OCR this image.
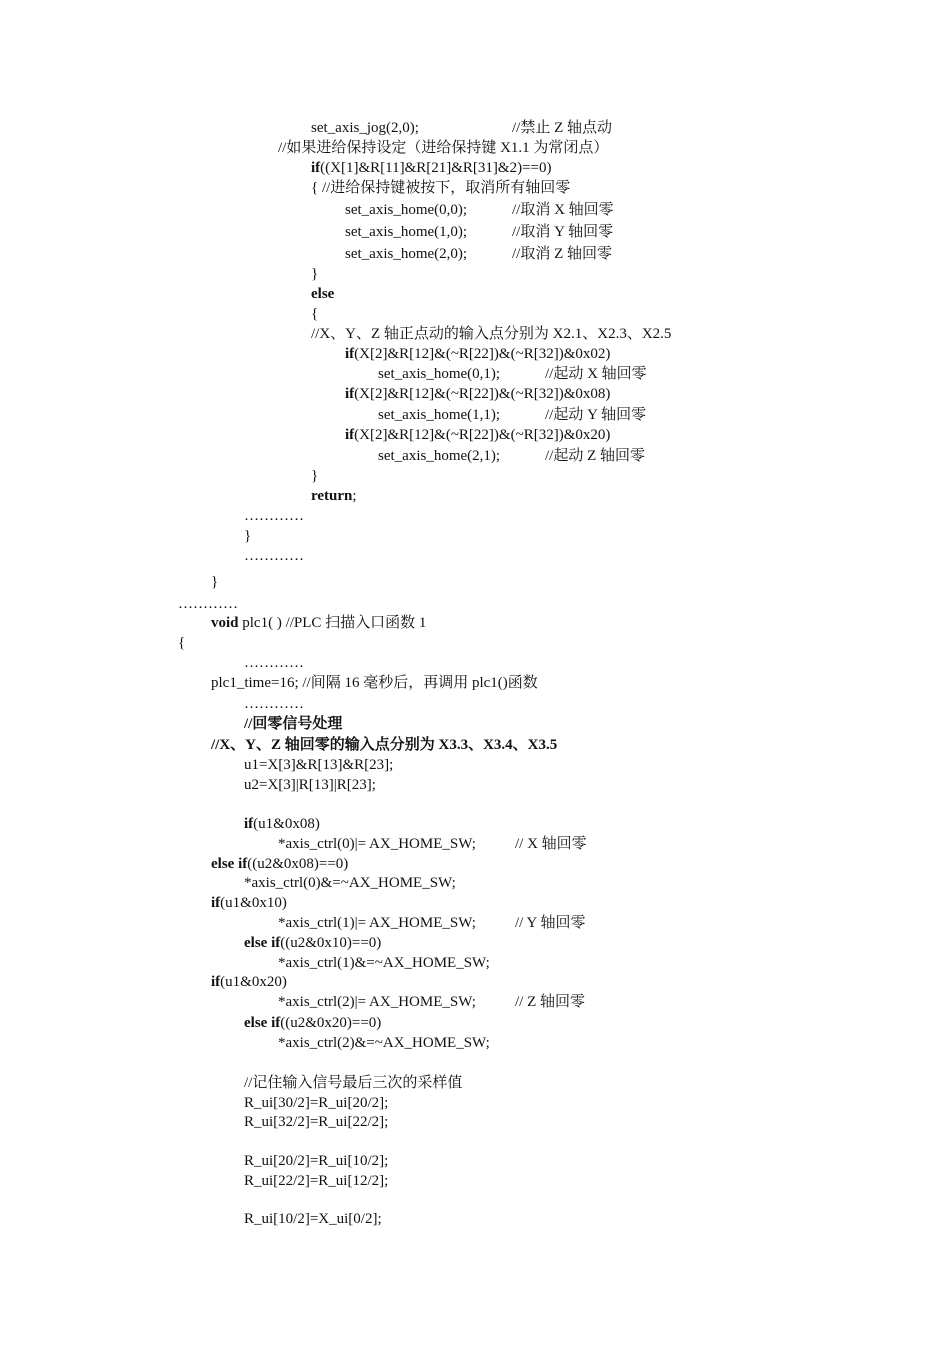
set_axis_jog(2,0);	//禁止 Z 轴点动
//如果进给保持设定（进给保持键 X1.1 为常闭点）
if((X[1]&R[11]&R[21]&R[31]&2)==0)
{ //进给保持键被按下，取消所有轴回零
set_axis_home(0,0);	//取消 X 轴回零
set_axis_home(1,0);	//取消 Y 轴回零
set_axis_home(2,0);	//取消 Z 轴回零
}
else
{
//X、Y、Z 轴正点动的输入点分别为 X2.1、X2.3、X2.5
if(X[2]&R[12]&(~R[22])&(~R[32])&0x02)
set_axis_home(0,1);	//起动 X 轴回零
if(X[2]&R[12]&(~R[22])&(~R[32])&0x08)
set_axis_home(1,1);	//起动 Y 轴回零
if(X[2]&R[12]&(~R[22])&(~R[32])&0x20)
set_axis_home(2,1);	//起动 Z 轴回零
}
return;
…………
}
…………
}
…………
void plc1( ) //PLC 扫描入口函数 1
{
…………
plc1_time=16; //间隔 16 毫秒后，再调用 plc1()函数
…………
//回零信号处理
//X、Y、Z 轴回零的输入点分别为 X3.3、X3.4、X3.5
u1=X[3]&R[13]&R[23];
u2=X[3]|R[13]|R[23];
if(u1&0x08)
*axis_ctrl(0)|= AX_HOME_SW;	// X 轴回零
else if((u2&0x08)==0)
*axis_ctrl(0)&=~AX_HOME_SW;
if(u1&0x10)
*axis_ctrl(1)|= AX_HOME_SW;	// Y 轴回零
else if((u2&0x10)==0)
*axis_ctrl(1)&=~AX_HOME_SW;
if(u1&0x20)
*axis_ctrl(2)|= AX_HOME_SW;	// Z 轴回零
else if((u2&0x20)==0)
*axis_ctrl(2)&=~AX_HOME_SW;
//记住输入信号最后三次的采样值
R_ui[30/2]=R_ui[20/2];
R_ui[32/2]=R_ui[22/2];
R_ui[20/2]=R_ui[10/2];
R_ui[22/2]=R_ui[12/2];
R_ui[10/2]=X_ui[0/2];
